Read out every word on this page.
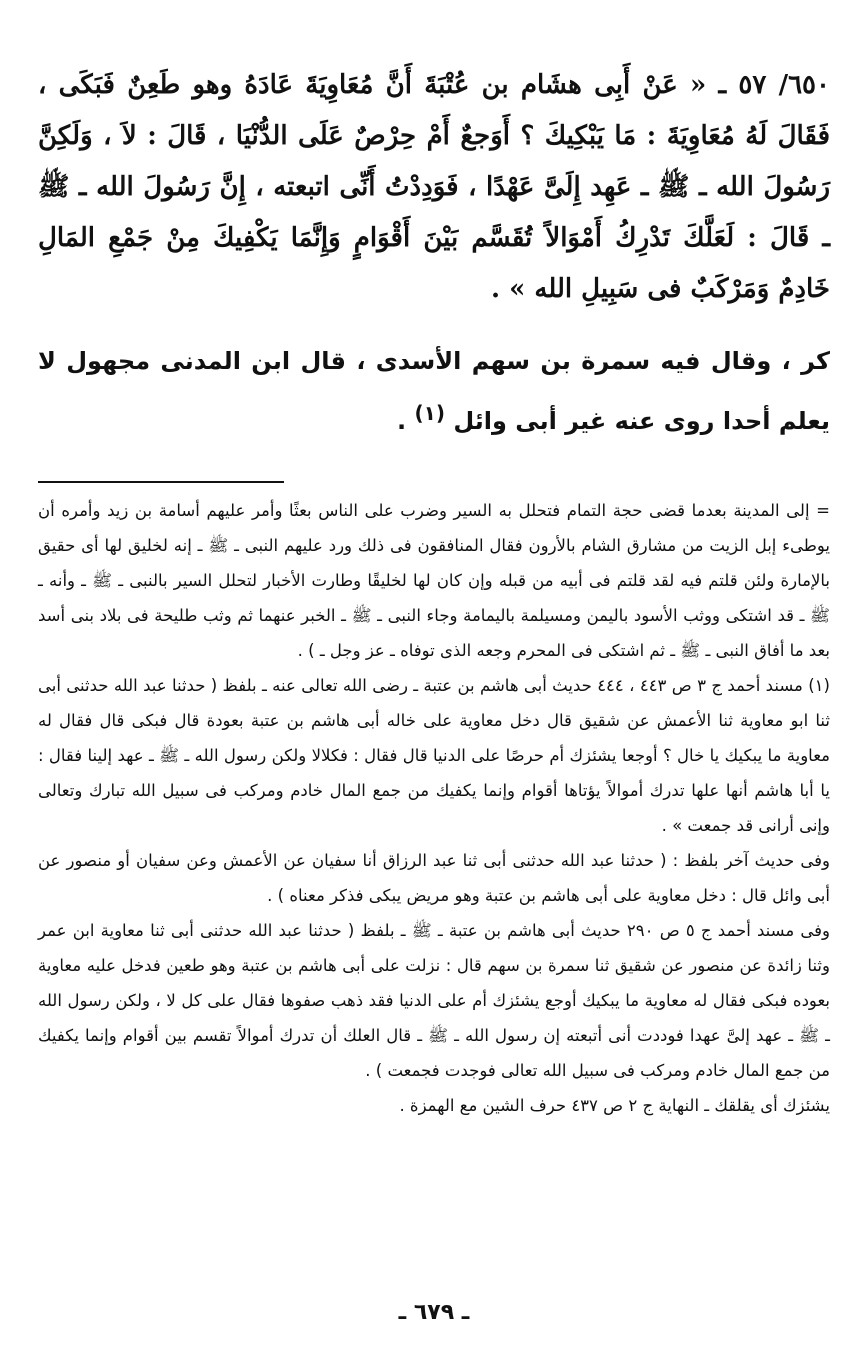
٦٥٠/ ٥٧ ـ « عَنْ أَبِى هشَام بن عُتْبَةَ أَنَّ مُعَاوِيَةَ عَادَهُ وهو طَعِنٌ فَبَكَى ، فَقَالَ لَهُ مُعَاوِيَةَ : مَا يَبْكِيكَ ؟ أَوَجعٌ أَمْ حِرْصٌ عَلَى الدُّنْيَا ، قَالَ : لاَ ، وَلَكِنَّ رَسُولَ الله ـ ﷺ ـ عَهِد إِلَىَّ عَهْدًا ، فَوَدِدْتُ أَنِّى اتبعته ، إِنَّ رَسُولَ الله ـ ﷺ ـ قَالَ : لَعَلَّكَ تَدْرِكُ أَمْوَالاً تُقَسَّم بَيْنَ أَقْوَامٍ وَإِنَّمَا يَكْفِيكَ مِنْ جَمْعِ المَالِ خَادِمٌ وَمَرْكَبٌ فى سَبِيلِ الله » .

كر ، وقال فيه سمرة بن سهم الأسدى ، قال ابن المدنى مجهول لا يعلم أحدا روى عنه غير أبى وائل $^{(١)}$ .

= إلى المدينة بعدما قضى حجة التمام فتحلل به السير وضرب على الناس بعثًا وأمر عليهم أسامة بن زيد وأمره أن يوطىء إبل الزيت من مشارق الشام بالأرون فقال المنافقون فى ذلك ورد عليهم النبى ـ ﷺ ـ إنه لخليق لها أى حقيق بالإمارة ولئن قلتم فيه لقد قلتم فى أبيه من قبله وإن كان لها لخليقًا وطارت الأخبار لتحلل السير بالنبى ـ ﷺ ـ وأنه ـ ﷺ ـ قد اشتكى ووثب الأسود باليمن ومسيلمة باليمامة وجاء النبى ـ ﷺ ـ الخبر عنهما ثم وثب طليحة فى بلاد بنى أسد بعد ما أفاق النبى ـ ﷺ ـ ثم اشتكى فى المحرم وجعه الذى توفاه ـ عز وجل ـ ) .

(١) مسند أحمد ج ٣ ص ٤٤٣ ، ٤٤٤ حديث أبى هاشم بن عتبة ـ رضى الله تعالى عنه ـ بلفظ ( حدثنا عبد الله حدثنى أبى ثنا ابو معاوية ثنا الأعمش عن شقيق قال دخل معاوية على خاله أبى هاشم بن عتبة بعودة قال فبكى قال فقال له معاوية ما يبكيك يا خال ؟ أوجعا يشئزك أم حرصًا على الدنيا قال فقال : فكلالا ولكن رسول الله ـ ﷺ ـ عهد إلينا فقال : يا أبا هاشم أنها علها تدرك أموالاً يؤتاها أقوام وإنما يكفيك من جمع المال خادم ومركب فى سبيل الله تبارك وتعالى وإنى أرانى قد جمعت » .

وفى حديث آخر بلفظ : ( حدثنا عبد الله حدثنى أبى ثنا عبد الرزاق أنا سفيان عن الأعمش وعن سفيان أو منصور عن أبى وائل قال : دخل معاوية على أبى هاشم بن عتبة وهو مريض يبكى فذكر معناه ) .

وفى مسند أحمد ج ٥ ص ٢٩٠ حديث أبى هاشم بن عتبة ـ ﷺ ـ بلفظ ( حدثنا عبد الله حدثنى أبى ثنا معاوية ابن عمر وثنا زائدة عن منصور عن شقيق ثنا سمرة بن سهم قال : نزلت على أبى هاشم بن عتبة وهو طعين فدخل عليه معاوية بعوده فبكى فقال له معاوية ما يبكيك أوجع يشئزك أم على الدنيا فقد ذهب صفوها فقال على كل لا ، ولكن رسول الله ـ ﷺ ـ عهد إلىَّ عهدا فوددت أنى أتبعته إن رسول الله ـ ﷺ ـ قال العلك أن تدرك أموالاً تقسم بين أقوام وإنما يكفيك من جمع المال خادم ومركب فى سبيل الله تعالى فوجدت فجمعت ) .

يشئزك أى يقلقك ـ النهاية ج ٢ ص ٤٣٧ حرف الشين مع الهمزة .

ـ ٦٧٩ ـ
